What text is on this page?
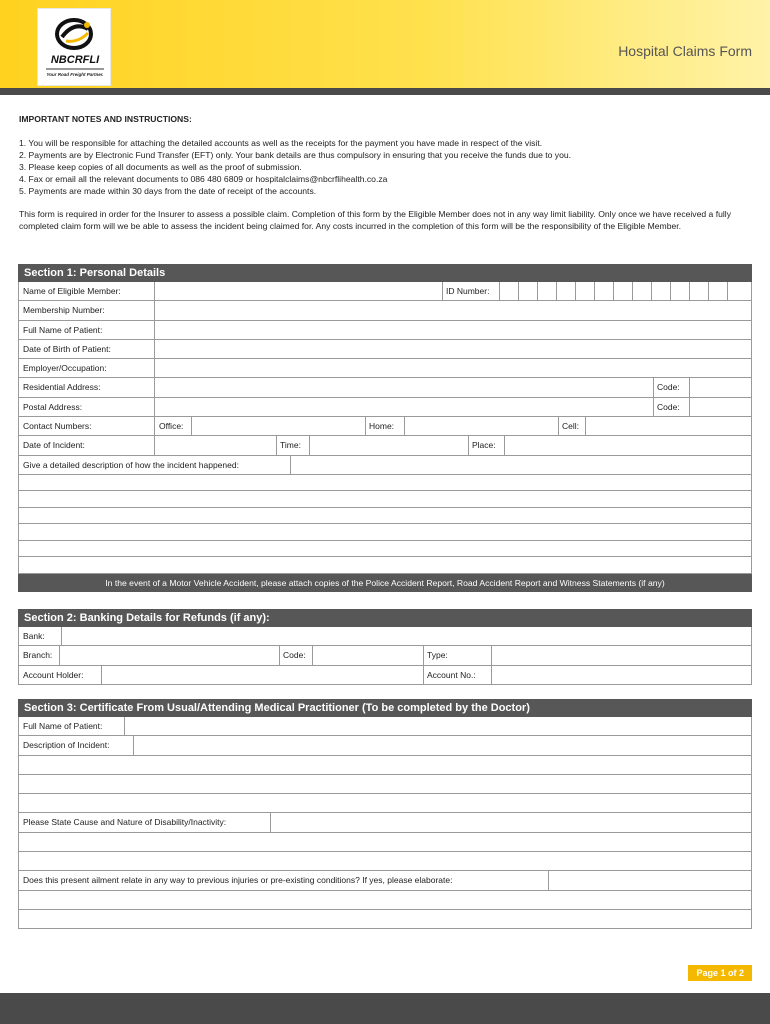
NBCRFLI
Your Road Freight Partner.
Hospital Claims Form
IMPORTANT NOTES AND INSTRUCTIONS:
1. You will be responsible for attaching the detailed accounts as well as the receipts for the payment you have made in respect of the visit.
2. Payments are by Electronic Fund Transfer (EFT) only. Your bank details are thus compulsory in ensuring that you receive the funds due to you.
3. Please keep copies of all documents as well as the proof of submission.
4. Fax or email all the relevant documents to 086 480 6809 or hospitalclaims@nbcrflihealth.co.za
5. Payments are made within 30 days from the date of receipt of the accounts.

This form is required in order for the Insurer to assess a possible claim. Completion of this form by the Eligible Member does not in any way limit liability. Only once we have received a fully completed claim form will we be able to assess the incident being claimed for. Any costs incurred in the completion of this form will be the responsibility of the Eligible Member.

Section 1: Personal Details
Name of Eligible Member:	ID Number:
Membership Number:
Full Name of Patient:
Date of Birth of Patient:
Employer/Occupation:
Residential Address:	Code:
Postal Address:	Code:
Contact Numbers:	Office:	Home:	Cell:
Date of Incident:	Time:	Place:
Give a detailed description of how the incident happened:
In the event of a Motor Vehicle Accident, please attach copies of the Police Accident Report, Road Accident Report and Witness Statements (if any)
Section 2: Banking Details for Refunds (if any):
Bank:
Branch:	Code:	Type:
Account Holder:	Account No.:
Section 3: Certificate From Usual/Attending Medical Practitioner (To be completed by the Doctor)
Full Name of Patient:
Description of Incident:
Please State Cause and Nature of Disability/Inactivity:
Does this present ailment relate in any way to previous injuries or pre-existing conditions? If yes, please elaborate:
Page 1 of 2
